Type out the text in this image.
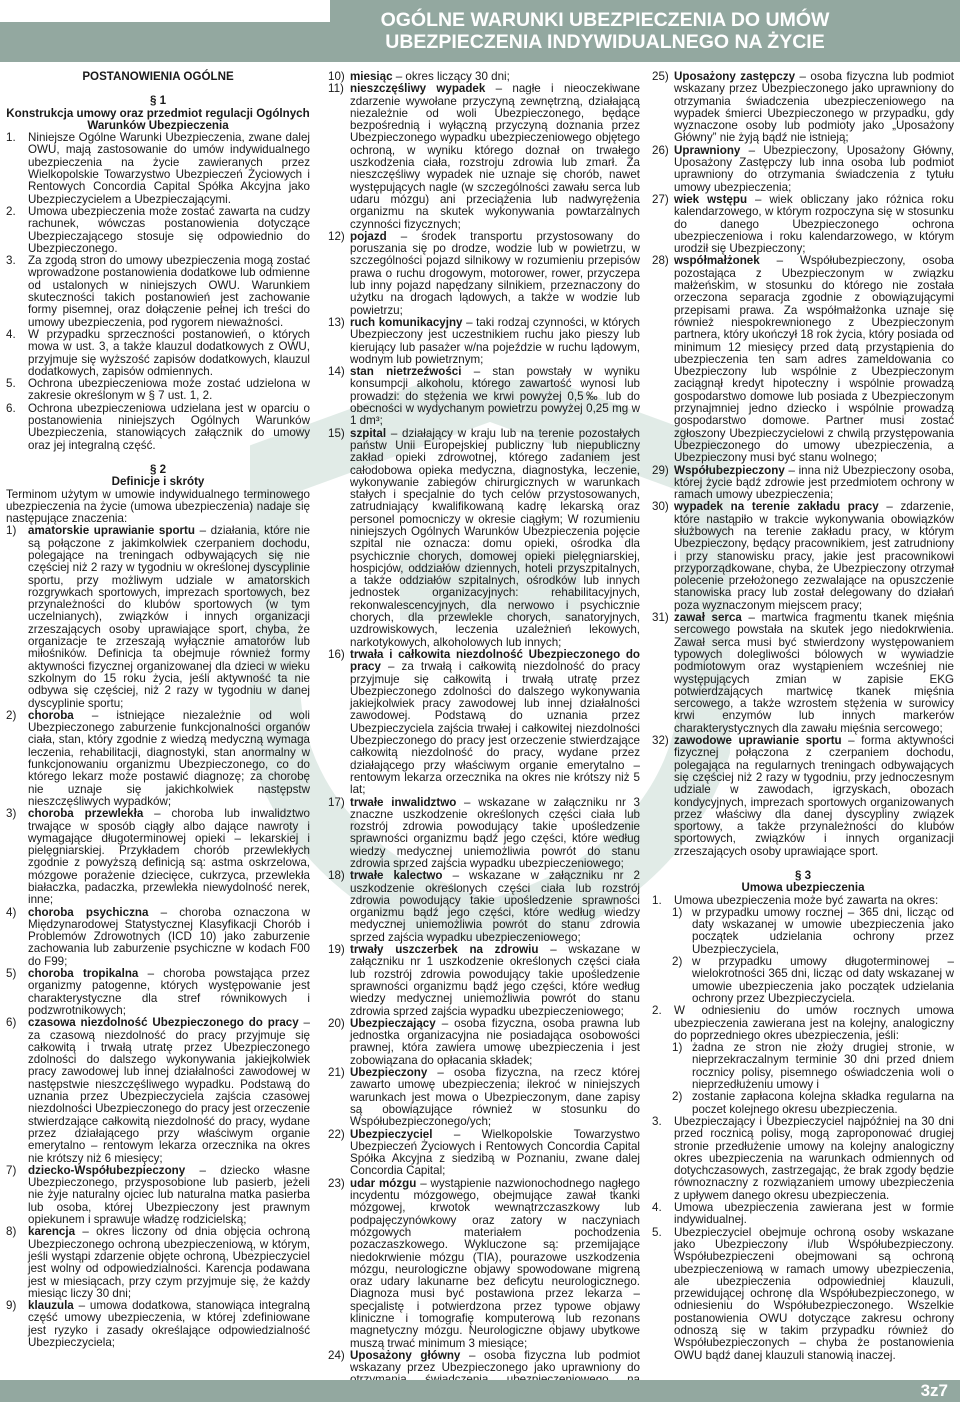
OGÓLNE WARUNKI UBEZPIECZENIA DO UMÓW
UBEZPIECZENIA INDYWIDUALNEGO NA ŻYCIE
POSTANOWIENIA OGÓLNE
§ 1
Konstrukcja umowy oraz przedmiot regulacji Ogólnych
Warunków Ubezpieczenia
1. Niniejsze Ogólne Warunki Ubezpieczenia, zwane dalej OWU, mają zastosowanie do umów indywidualnego ubezpieczenia na życie zawieranych przez Wielkopolskie Towarzystwo Ubezpieczeń Życiowych i Rentowych Concordia Capital Spółka Akcyjna jako Ubezpieczycielem a Ubezpieczającymi.
2. Umowa ubezpieczenia może zostać zawarta na cudzy rachunek, wówczas postanowienia dotyczące Ubezpieczającego stosuje się odpowiednio do Ubezpieczonego.
3. Za zgodą stron do umowy ubezpieczenia mogą zostać wprowadzone postanowienia dodatkowe lub odmienne od ustalonych w niniejszych OWU. Warunkiem skuteczności takich postanowień jest zachowanie formy pisemnej, oraz dołączenie pełnej ich treści do umowy ubezpieczenia, pod rygorem nieważności.
4. W przypadku sprzeczności postanowień, o których mowa w ust. 3, a także klauzul dodatkowych z OWU, przyjmuje się wyższość zapisów dodatkowych, klauzul dodatkowych, zapisów odmiennych.
5. Ochrona ubezpieczeniowa może zostać udzielona w zakresie określonym w § 7 ust. 1, 2.
6. Ochrona ubezpieczeniowa udzielana jest w oparciu o postanowienia niniejszych Ogólnych Warunków Ubezpieczenia, stanowiących załącznik do umowy oraz jej integralną część.
§ 2
Definicje i skróty

Terminom użytym w umowie indywidualnego terminowego ubezpieczenia na życie (umowa ubezpieczenia) nadaje się następujące znaczenia:

1) amatorskie uprawianie sportu – działania, które nie są połączone z jakimkolwiek czerpaniem dochodu, polegające na treningach odbywających się nie częściej niż 2 razy w tygodniu w określonej dyscyplinie sportu, przy możliwym udziale w amatorskich rozgrywkach sportowych, imprezach sportowych, bez przynależności do klubów sportowych (w tym uczelnianych), związków i innych organizacji zrzeszających osoby uprawiające sport, chyba, że organizacje te zrzeszają wyłącznie amatorów lub miłośników. Definicja ta obejmuje również formy aktywności fizycznej organizowanej dla dzieci w wieku szkolnym do 15 roku życia, jeśli aktywność ta nie odbywa się częściej, niż 2 razy w tygodniu w danej dyscyplinie sportu;
2) choroba – istniejące niezależnie od woli Ubezpieczonego zaburzenie funkcjonalności organów ciała, stan, który zgodnie z wiedzą medyczną wymaga leczenia, rehabilitacji, diagnostyki, stan anormalny w funkcjonowaniu organizmu Ubezpieczonego, co do którego lekarz może postawić diagnozę; za chorobę nie uznaje się jakichkolwiek następstw nieszczęśliwych wypadków;
3) choroba przewlekła – choroba lub inwalidztwo trwające w sposób ciągły albo dające nawroty i wymagające długoterminowej opieki – lekarskiej i pielęgniarskiej. Przykładem chorób przewlekłych zgodnie z powyższą definicją są: astma oskrzelowa, mózgowe porażenie dziecięce, cukrzyca, przewlekła białaczka, padaczka, przewlekła niewydolność nerek, inne;
4) choroba psychiczna – choroba oznaczona w Międzynarodowej Statystycznej Klasyfikacji Chorób i Problemów Zdrowotnych (ICD 10) jako zaburzenie zachowania lub zaburzenie psychiczne w kodach F00 do F99;
5) choroba tropikalna – choroba powstająca przez organizmy patogenne, których występowanie jest charakterystyczne dla stref równikowych i podzwrotnikowych;
6) czasowa niezdolność Ubezpieczonego do pracy – za czasową niezdolność do pracy przyjmuje się całkowitą i trwałą utratę przez Ubezpieczonego zdolności do dalszego wykonywania jakiejkolwiek pracy zawodowej lub innej działalności zawodowej w następstwie nieszczęśliwego wypadku. Podstawą do uznania przez Ubezpieczyciela zajścia czasowej niezdolności Ubezpieczonego do pracy jest orzeczenie stwierdzające całkowitą niezdolność do pracy, wydane przez działającego przy właściwym organie emerytalno – rentowym lekarza orzecznika na okres nie krótszy niż 6 miesięcy;
7) dziecko-Współubezpieczony – dziecko własne Ubezpieczonego, przysposobione lub pasierb, jeżeli nie żyje naturalny ojciec lub naturalna matka pasierba lub osoba, której Ubezpieczony jest prawnym opiekunem i sprawuje władzę rodzicielską;
8) karencja – okres liczony od dnia objęcia ochroną Ubezpieczonego ochroną ubezpieczeniową, w którym, jeśli wystąpi zdarzenie objęte ochroną, Ubezpieczyciel jest wolny od odpowiedzialności. Karencja podawana jest w miesiącach, przy czym przyjmuje się, że każdy miesiąc liczy 30 dni;
9) klauzula – umowa dodatkowa, stanowiąca integralną część umowy ubezpieczenia, w której zdefiniowane jest ryzyko i zasady określające odpowiedzialność Ubezpieczyciela;
10) miesiąc – okres liczący 30 dni;
11) nieszczęśliwy wypadek – nagłe i nieoczekiwane zdarzenie wywołane przyczyną zewnętrzną, działającą niezależnie od woli Ubezpieczonego, będące bezpośrednią i wyłączną przyczyną doznania przez Ubezpieczonego wypadku ubezpieczeniowego objętego ochroną, w wyniku którego doznał on trwałego uszkodzenia ciała, rozstroju zdrowia lub zmarł. Za nieszczęśliwy wypadek nie uznaje się chorób, nawet występujących nagle (w szczególności zawału serca lub udaru mózgu) ani przeciążenia lub nadwyrężenia organizmu na skutek wykonywania powtarzalnych czynności fizycznych;
12) pojazd – środek transportu przystosowany do poruszania się po drodze, wodzie lub w powietrzu, w szczególności pojazd silnikowy w rozumieniu przepisów prawa o ruchu drogowym, motorower, rower, przyczepa lub inny pojazd napędzany silnikiem, przeznaczony do użytku na drogach lądowych, a także w wodzie lub powietrzu;
13) ruch komunikacyjny – taki rodzaj czynności, w których Ubezpieczony jest uczestnikiem ruchu jako pieszy lub kierujący lub pasażer w/na pojeździe w ruchu lądowym, wodnym lub powietrznym;
14) stan nietrzeźwości – stan powstały w wyniku konsumpcji alkoholu, którego zawartość wynosi lub prowadzi: do stężenia we krwi powyżej 0,5‰ lub do obecności w wydychanym powietrzu powyżej 0,25 mg w 1 dm³;
15) szpital – działający w kraju lub na terenie pozostałych państw Unii Europejskiej publiczny lub niepubliczny zakład opieki zdrowotnej, którego zadaniem jest całodobowa opieka medyczna, diagnostyka, leczenie, wykonywanie zabiegów chirurgicznych w warunkach stałych i specjalnie do tych celów przystosowanych, zatrudniający kwalifikowaną kadrę lekarską oraz personel pomocniczy w okresie ciągłym; W rozumieniu niniejszych Ogólnych Warunków Ubezpieczenia pojęcie szpital nie oznacza: domu opieki, ośrodka dla psychicznie chorych, domowej opieki pielęgniarskiej, hospicjów, oddziałów dziennych, hoteli przyszpitalnych, a także oddziałów szpitalnych, ośrodków lub innych jednostek organizacyjnych: rehabilitacyjnych, rekonwalescencyjnych, dla nerwowo i psychicznie chorych, dla przewlekle chorych, sanatoryjnych, uzdrowiskowych, leczenia uzależnień lekowych, narkotykowych, alkoholowych lub innych;
16) trwała i całkowita niezdolność Ubezpieczonego do pracy – za trwałą i całkowitą niezdolność do pracy przyjmuje się całkowitą i trwałą utratę przez Ubezpieczonego zdolności do dalszego wykonywania jakiejkolwiek pracy zawodowej lub innej działalności zawodowej. Podstawą do uznania przez Ubezpieczyciela zajścia trwałej i całkowitej niezdolności Ubezpieczonego do pracy jest orzeczenie stwierdzające całkowitą niezdolność do pracy, wydane przez działającego przy właściwym organie emerytalno – rentowym lekarza orzecznika na okres nie krótszy niż 5 lat;
17) trwałe inwalidztwo – wskazane w załączniku nr 3 znaczne uszkodzenie określonych części ciała lub rozstrój zdrowia powodujący takie upośledzenie sprawności organizmu bądź jego części, które według wiedzy medycznej uniemożliwia powrót do stanu zdrowia sprzed zajścia wypadku ubezpieczeniowego;
18) trwałe kalectwo – wskazane w załączniku nr 2 uszkodzenie określonych części ciała lub rozstrój zdrowia powodujący takie upośledzenie sprawności organizmu bądź jego części, które według wiedzy medycznej uniemożliwia powrót do stanu zdrowia sprzed zajścia wypadku ubezpieczeniowego;
19) trwały uszczerbek na zdrowiu – wskazane w załączniku nr 1 uszkodzenie określonych części ciała lub rozstrój zdrowia powodujący takie upośledzenie sprawności organizmu bądź jego części, które według wiedzy medycznej uniemożliwia powrót do stanu zdrowia sprzed zajścia wypadku ubezpieczeniowego;
20) Ubezpieczający – osoba fizyczna, osoba prawna lub jednostka organizacyjna nie posiadająca osobowości prawnej, która zawiera umowę ubezpieczenia i jest zobowiązana do opłacania składek;
21) Ubezpieczony – osoba fizyczna, na rzecz której zawarto umowę ubezpieczenia; ilekroć w niniejszych warunkach jest mowa o Ubezpieczonym, dane zapisy są obowiązujące również w stosunku do Współubezpieczonego/ych;
22) Ubezpieczyciel – Wielkopolskie Towarzystwo Ubezpieczeń Życiowych i Rentowych Concordia Capital Spółka Akcyjna z siedzibą w Poznaniu, zwane dalej Concordia Capital;
23) udar mózgu – wystąpienie nazwionochodnego nagłego incydentu mózgowego, obejmujące zawał tkanki mózgowej, krwotok wewnątrzczaszkowy lub podpajęczynówkowy oraz zatory w naczyniach mózgowych materiałem pochodzenia pozaczaszkowego. Wykluczone są: przemijające niedokrwienie mózgu (TIA), pourazowe uszkodzenia mózgu, neurologiczne objawy spowodowane migreną oraz udary lakunarne bez deficytu neurologicznego. Diagnoza musi być postawiona przez lekarza – specjalistę i potwierdzona przez typowe objawy kliniczne i tomografię komputerową lub rezonans magnetyczny mózgu. Neurologiczne objawy ubytkowe muszą trwać minimum 3 miesiące;
24) Uposażony główny – osoba fizyczna lub podmiot wskazany przez Ubezpieczonego jako uprawniony do
25) Uposażony zastępczy – osoba fizyczna lub podmiot wskazany przez Ubezpieczonego jako uprawniony do otrzymania świadczenia ubezpieczeniowego na wypadek śmierci Ubezpieczonego w przypadku, gdy wyznaczone osoby lub podmioty jako „Uposażony Główny” nie żyją bądź nie istnieją;
26) Uprawniony – Ubezpieczony, Uposażony Główny, Uposażony Zastępczy lub inna osoba lub podmiot uprawniony do otrzymania świadczenia z tytułu umowy ubezpieczenia;
27) wiek wstępu – wiek obliczany jako różnica roku kalendarzowego, w którym rozpoczyna się w stosunku do danego Ubezpieczonego ochrona ubezpieczeniowa i roku kalendarzowego, w którym urodził się Ubezpieczony;
28) współmałżonek – Współubezpieczony, osoba pozostająca z Ubezpieczonym w związku małżeńskim, w stosunku do którego nie została orzeczona separacja zgodnie z obowiązującymi przepisami prawa. Za współmałżonka uznaje się również niespokrewnionego z Ubezpieczonym partnera, który ukończył 18 rok życia, który posiada od minimum 12 miesięcy przed datą przystąpienia do ubezpieczenia ten sam adres zameldowania co Ubezpieczony lub wspólnie z Ubezpieczonym zaciągnął kredyt hipoteczny i wspólnie prowadzą gospodarstwo domowe lub posiada z Ubezpieczonym przynajmniej jedno dziecko i wspólnie prowadzą gospodarstwo domowe. Partner musi zostać zgłoszony Ubezpieczycielowi z chwilą przystępowania Ubezpieczonego do umowy ubezpieczenia, a Ubezpieczony musi być stanu wolnego;
29) Współubezpieczony – inna niż Ubezpieczony osoba, której życie bądź zdrowie jest przedmiotem ochrony w ramach umowy ubezpieczenia;
30) wypadek na terenie zakładu pracy – zdarzenie, które nastąpiło w trakcie wykonywania obowiązków służbowych na terenie zakładu pracy, w którym Ubezpieczony, będący pracownikiem, jest zatrudniony i przy stanowisku pracy, jakie jest pracownikowi przyporządkowane, chyba, że Ubezpieczony otrzymał polecenie przełożonego zezwalające na opuszczenie stanowiska pracy lub został delegowany do działań poza wyznaczonym miejscem pracy;
31) zawał serca – martwica fragmentu tkanek mięśnia sercowego powstała na skutek jego niedokrwienia. Zawał serca musi być stwierdzony występowaniem typowych dolegliwości bólowych w wywiadzie podmiotowym oraz wystąpieniem wcześniej nie występujących zmian w zapisie EKG potwierdzających martwicę tkanek mięśnia sercowego, a także wzrostem stężenia w surowicy krwi enzymów lub innych markerów charakterystycznych dla zawału mięśnia sercowego;
32) zawodowe uprawianie sportu – forma aktywności fizycznej połączona z czerpaniem dochodu, polegająca na regularnych treningach odbywających się częściej niż 2 razy w tygodniu, przy jednoczesnym udziale w zawodach, igrzyskach, obozach kondycyjnych, imprezach sportowych organizowanych przez właściwy dla danej dyscypliny związek sportowy, a także przynależności do klubów sportowych, związków i innych organizacji zrzeszających osoby uprawiające sport.
§ 3
Umowa ubezpieczenia
1. Umowa ubezpieczenia może być zawarta na okres:
1) w przypadku umowy rocznej – 365 dni, licząc od daty wskazanej w umowie ubezpieczenia jako początek udzielania ochrony przez Ubezpieczyciela,
2) w przypadku umowy długoterminowej – wielokrotności 365 dni, licząc od daty wskazanej w umowie ubezpieczenia jako początek udzielania ochrony przez Ubezpieczyciela.
2. W odniesieniu do umów rocznych umowa ubezpieczenia zawierana jest na kolejny, analogiczny do poprzedniego okres ubezpieczenia, jeśli:
1) żadna ze stron nie złoży drugiej stronie, w nieprzekraczalnym terminie 30 dni przed dniem rocznicy polisy, pisemnego oświadczenia woli o nieprzedłużeniu umowy i
2) zostanie zapłacona kolejna składka regularna na poczet kolejnego okresu ubezpieczenia.
3. Ubezpieczający i Ubezpieczyciel najpóźniej na 30 dni przed rocznicą polisy, mogą zaproponować drugiej stronie przedłużenie umowy na kolejny analogiczny okres ubezpieczenia na warunkach odmiennych od dotychczasowych, zastrzegając, że brak zgody będzie równoznaczny z rozwiązaniem umowy ubezpieczenia z upływem danego okresu ubezpieczenia.
4. Umowa ubezpieczenia zawierana jest w formie indywidualnej.
5. Ubezpieczyciel obejmuje ochroną osoby wskazane jako Ubezpieczony i/lub Współubezpieczony. Współubezpieczeni obejmowani są ochroną ubezpieczeniową w ramach umowy ubezpieczenia, ale ubezpieczenia odpowiedniej klauzuli, przewidującej ochronę dla Współubezpieczonego, w odniesieniu do Współubezpieczonego. Wszelkie postanowienia OWU dotyczące zakresu ochrony odnoszą się w takim przypadku również do Współubezpieczonych – chyba że postanowienia OWU bądź danej klauzuli stanowią inaczej.
3z7
